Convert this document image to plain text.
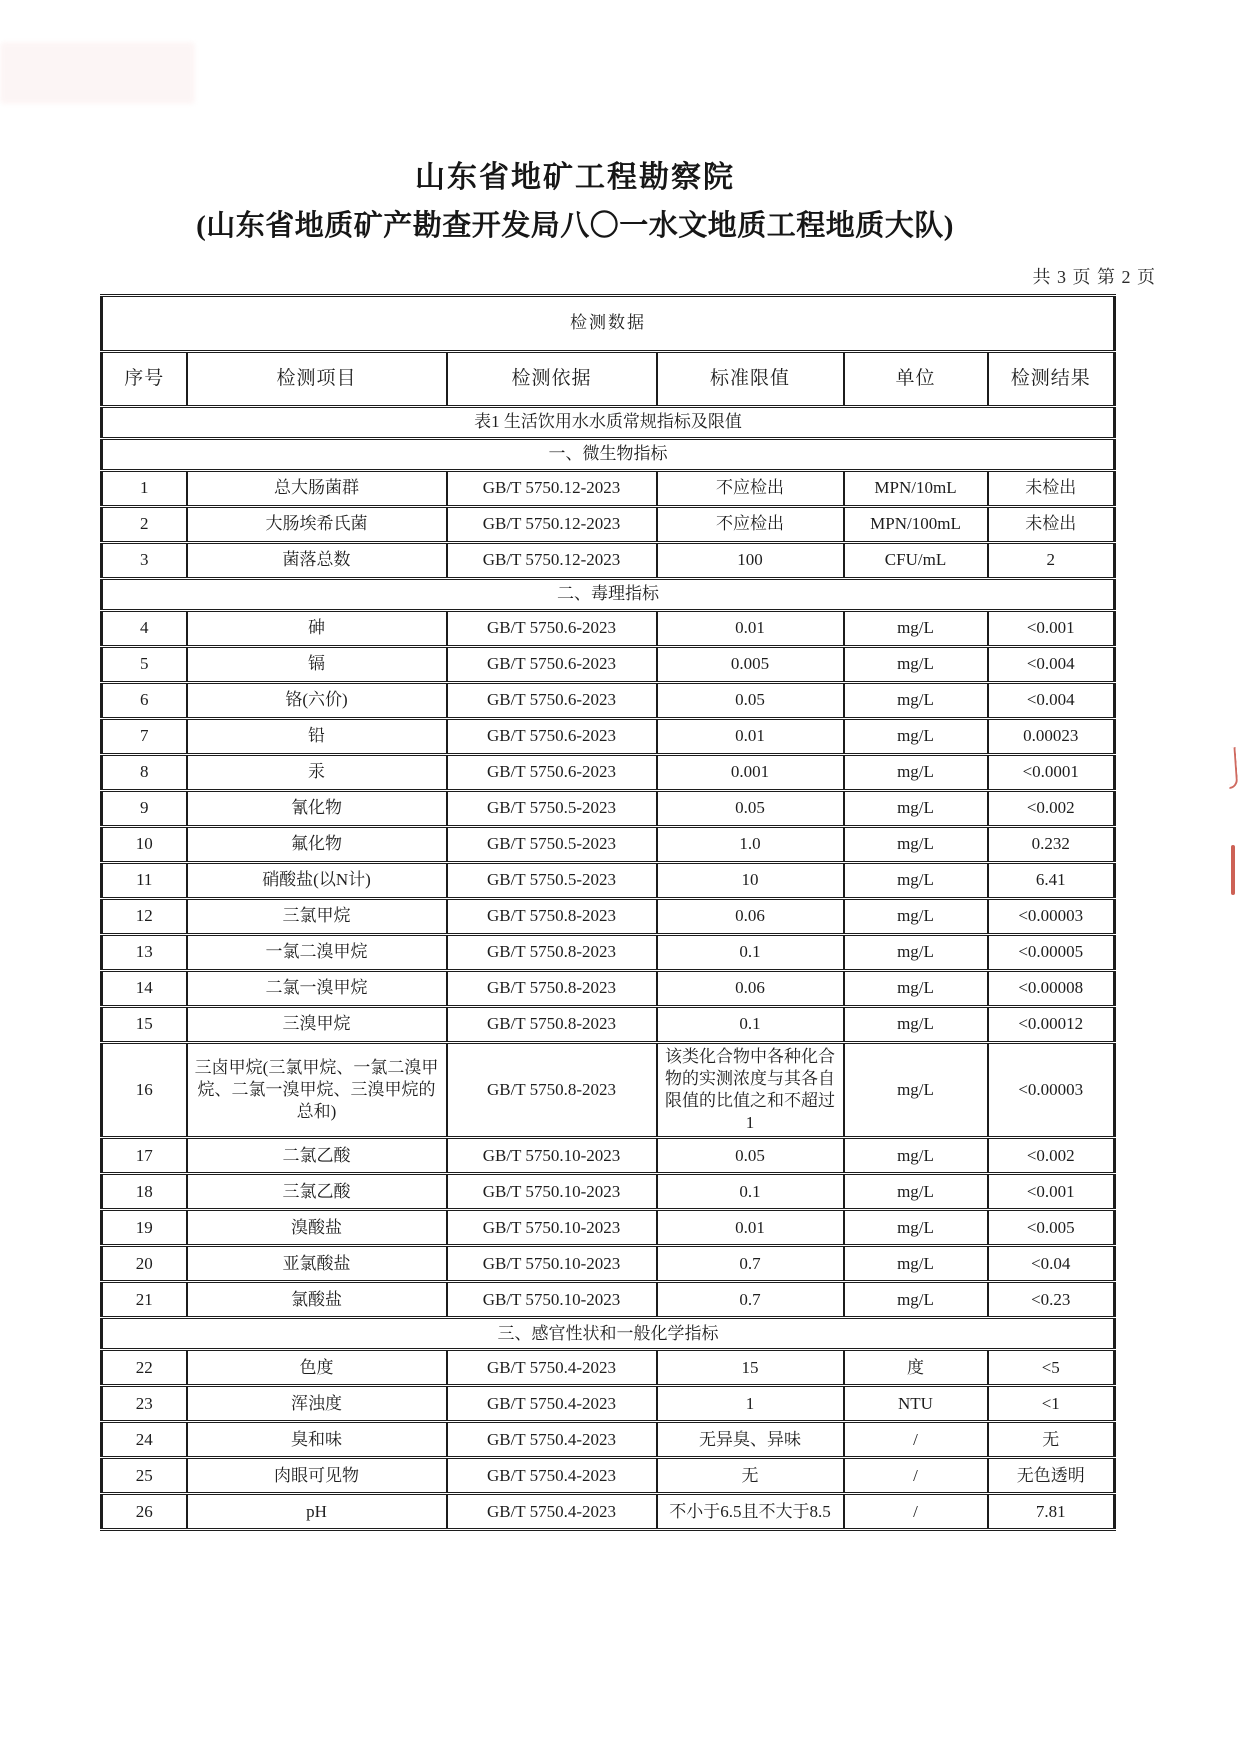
山东省地矿工程勘察院
(山东省地质矿产勘查开发局八〇一水文地质工程地质大队)
共 3 页 第 2 页
检测数据					
序号	检测项目	检测依据	标准限值	单位	检测结果
表1 生活饮用水水质常规指标及限值					
一、微生物指标					
1	总大肠菌群	GB/T 5750.12-2023	不应检出	MPN/10mL	未检出
2	大肠埃希氏菌	GB/T 5750.12-2023	不应检出	MPN/100mL	未检出
3	菌落总数	GB/T 5750.12-2023	100	CFU/mL	2
二、毒理指标					
4	砷	GB/T 5750.6-2023	0.01	mg/L	<0.001
5	镉	GB/T 5750.6-2023	0.005	mg/L	<0.004
6	铬(六价)	GB/T 5750.6-2023	0.05	mg/L	<0.004
7	铅	GB/T 5750.6-2023	0.01	mg/L	0.00023
8	汞	GB/T 5750.6-2023	0.001	mg/L	<0.0001
9	氰化物	GB/T 5750.5-2023	0.05	mg/L	<0.002
10	氟化物	GB/T 5750.5-2023	1.0	mg/L	0.232
11	硝酸盐(以N计)	GB/T 5750.5-2023	10	mg/L	6.41
12	三氯甲烷	GB/T 5750.8-2023	0.06	mg/L	<0.00003
13	一氯二溴甲烷	GB/T 5750.8-2023	0.1	mg/L	<0.00005
14	二氯一溴甲烷	GB/T 5750.8-2023	0.06	mg/L	<0.00008
15	三溴甲烷	GB/T 5750.8-2023	0.1	mg/L	<0.00012
16	三卤甲烷(三氯甲烷、一氯二溴甲烷、二氯一溴甲烷、三溴甲烷的总和)	GB/T 5750.8-2023	该类化合物中各种化合物的实测浓度与其各自限值的比值之和不超过1	mg/L	<0.00003
17	二氯乙酸	GB/T 5750.10-2023	0.05	mg/L	<0.002
18	三氯乙酸	GB/T 5750.10-2023	0.1	mg/L	<0.001
19	溴酸盐	GB/T 5750.10-2023	0.01	mg/L	<0.005
20	亚氯酸盐	GB/T 5750.10-2023	0.7	mg/L	<0.04
21	氯酸盐	GB/T 5750.10-2023	0.7	mg/L	<0.23
三、感官性状和一般化学指标					
22	色度	GB/T 5750.4-2023	15	度	<5
23	浑浊度	GB/T 5750.4-2023	1	NTU	<1
24	臭和味	GB/T 5750.4-2023	无异臭、异味	/	无
25	肉眼可见物	GB/T 5750.4-2023	无	/	无色透明
26	pH	GB/T 5750.4-2023	不小于6.5且不大于8.5	/	7.81
